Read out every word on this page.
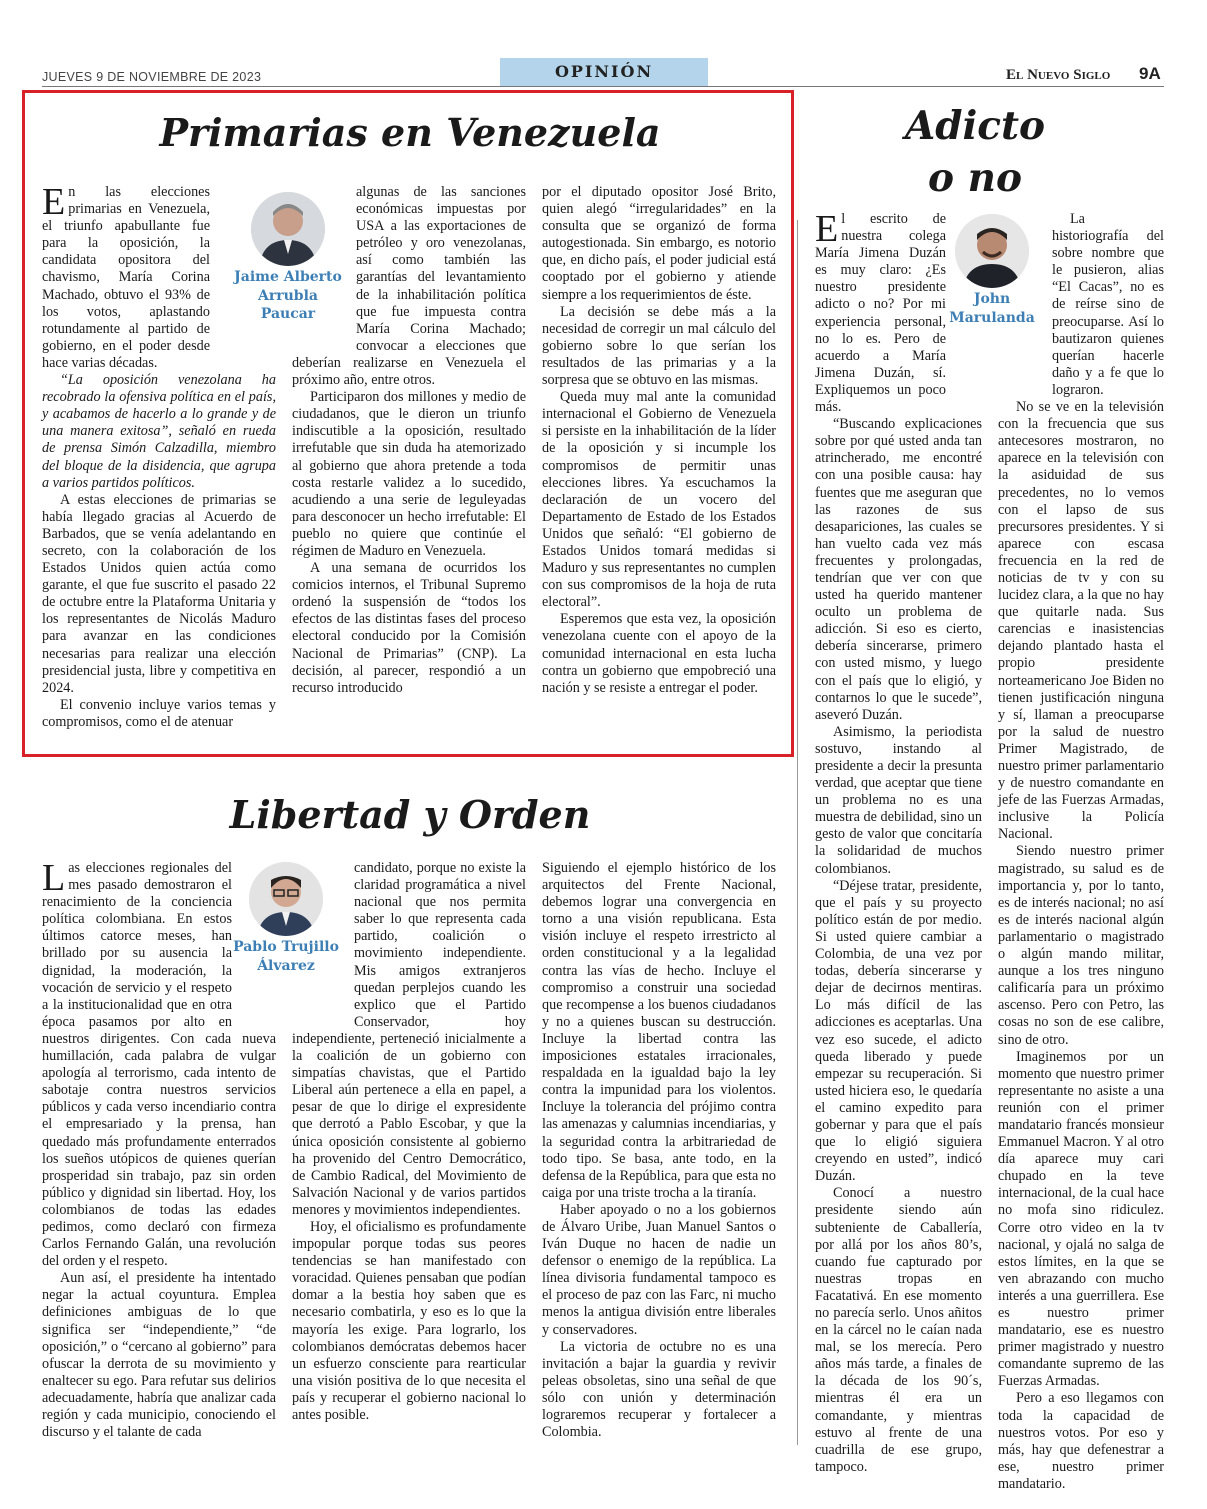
JUEVES 9 DE NOVIEMBRE DE 2023	OPINIÓN	El Nuevo Siglo 9A
Primarias en Venezuela
Jaime Alberto
Arrubla
Paucar

En las elecciones primarias en Venezuela, el triunfo apabullante fue para la oposición, la candidata opositora del chavismo, María Corina Machado, obtuvo el 93% de los votos, aplastando rotundamente al partido de gobierno, en el poder desde hace varias décadas.

“La oposición venezolana ha recobrado la ofensiva política en el país, y acabamos de hacerlo a lo grande y de una manera exitosa”, señaló en rueda de prensa Simón Calzadilla, miembro del bloque de la disidencia, que agrupa a varios partidos políticos.

A estas elecciones de primarias se había llegado gracias al Acuerdo de Barbados, que se venía adelantando en secreto, con la colaboración de los Estados Unidos quien actúa como garante, el que fue suscrito el pasado 22 de octubre entre la Plataforma Unitaria y los representantes de Nicolás Maduro para avanzar en las condiciones necesarias para realizar una elección presidencial justa, libre y competitiva en 2024.

El convenio incluye varios temas y compromisos, como el de atenuar

algunas de las sanciones económicas impuestas por USA a las exportaciones de petróleo y oro venezolanas, así como también las garantías del levantamiento de la inhabilitación política que fue impuesta contra María Corina Machado; convocar a elecciones que deberían realizarse en Venezuela el próximo año, entre otros.

Participaron dos millones y medio de ciudadanos, que le dieron un triunfo indiscutible a la oposición, resultado irrefutable que sin duda ha atemorizado al gobierno que ahora pretende a toda costa restarle validez a lo sucedido, acudiendo a una serie de leguleyadas para desconocer un hecho irrefutable: El pueblo no quiere que continúe el régimen de Maduro en Venezuela.

A una semana de ocurridos los comicios internos, el Tribunal Supremo ordenó la suspensión de “todos los efectos de las distintas fases del proceso electoral conducido por la Comisión Nacional de Primarias” (CNP). La decisión, al parecer, respondió a un recurso introducido

por el diputado opositor José Brito, quien alegó “irregularidades” en la consulta que se organizó de forma autogestionada. Sin embargo, es notorio que, en dicho país, el poder judicial está cooptado por el gobierno y atiende siempre a los requerimientos de éste.

La decisión se debe más a la necesidad de corregir un mal cálculo del gobierno sobre lo que serían los resultados de las primarias y a la sorpresa que se obtuvo en las mismas.

Queda muy mal ante la comunidad internacional el Gobierno de Venezuela si persiste en la inhabilitación de la líder de la oposición y si incumple los compromisos de permitir unas elecciones libres. Ya escuchamos la declaración de un vocero del Departamento de Estado de los Estados Unidos que señaló: “El gobierno de Estados Unidos tomará medidas si Maduro y sus representantes no cumplen con sus compromisos de la hoja de ruta electoral”.

Esperemos que esta vez, la oposición venezolana cuente con el apoyo de la comunidad internacional en esta lucha contra un gobierno que empobreció una nación y se resiste a entregar el poder.

Libertad y Orden
Pablo Trujillo
Álvarez

Las elecciones regionales del mes pasado demostraron el renacimiento de la conciencia política colombiana. En estos últimos catorce meses, han brillado por su ausencia la dignidad, la moderación, la vocación de servicio y el respeto a la institucionalidad que en otra época pasamos por alto en nuestros dirigentes. Con cada nueva humillación, cada palabra de vulgar apología al terrorismo, cada intento de sabotaje contra nuestros servicios públicos y cada verso incendiario contra el empresariado y la prensa, han quedado más profundamente enterrados los sueños utópicos de quienes querían prosperidad sin trabajo, paz sin orden público y dignidad sin libertad. Hoy, los colombianos de todas las edades pedimos, como declaró con firmeza Carlos Fernando Galán, una revolución del orden y el respeto.

Aun así, el presidente ha intentado negar la actual coyuntura. Emplea definiciones ambiguas de lo que significa ser “independiente,” “de oposición,” o “cercano al gobierno” para ofuscar la derrota de su movimiento y enaltecer su ego. Para refutar sus delirios adecuadamente, habría que analizar cada región y cada municipio, conociendo el discurso y el talante de cada

candidato, porque no existe la claridad programática a nivel nacional que nos permita saber lo que representa cada partido, coalición o movimiento independiente. Mis amigos extranjeros quedan perplejos cuando les explico que el Partido Conservador, hoy independiente, perteneció inicialmente a la coalición de un gobierno con simpatías chavistas, que el Partido Liberal aún pertenece a ella en papel, a pesar de que lo dirige el expresidente que derrotó a Pablo Escobar, y que la única oposición consistente al gobierno ha provenido del Centro Democrático, de Cambio Radical, del Movimiento de Salvación Nacional y de varios partidos menores y movimientos independientes.

Hoy, el oficialismo es profundamente impopular porque todas sus peores tendencias se han manifestado con voracidad. Quienes pensaban que podían domar a la bestia hoy saben que es necesario combatirla, y eso es lo que la mayoría les exige. Para lograrlo, los colombianos demócratas debemos hacer un esfuerzo consciente para rearticular una visión positiva de lo que necesita el país y recuperar el gobierno nacional lo antes posible.

Siguiendo el ejemplo histórico de los arquitectos del Frente Nacional, debemos lograr una convergencia en torno a una visión republicana. Esta visión incluye el respeto irrestricto al orden constitucional y a la legalidad contra las vías de hecho. Incluye el compromiso a construir una sociedad que recompense a los buenos ciudadanos y no a quienes buscan su destrucción. Incluye la libertad contra las imposiciones estatales irracionales, respaldada en la igualdad bajo la ley contra la impunidad para los violentos. Incluye la tolerancia del prójimo contra las amenazas y calumnias incendiarias, y la seguridad contra la arbitrariedad de todo tipo. Se basa, ante todo, en la defensa de la República, para que esta no caiga por una triste trocha a la tiranía.

Haber apoyado o no a los gobiernos de Álvaro Uribe, Juan Manuel Santos o Iván Duque no hacen de nadie un defensor o enemigo de la república. La línea divisoria fundamental tampoco es el proceso de paz con las Farc, ni mucho menos la antigua división entre liberales y conservadores.

La victoria de octubre no es una invitación a bajar la guardia y revivir peleas obsoletas, sino una señal de que sólo con unión y determinación lograremos recuperar y fortalecer a Colombia.

Adicto
o no
John
Marulanda

El escrito de nuestra colega María Jimena Duzán es muy claro: ¿Es nuestro presidente adicto o no? Por mi experiencia personal, no lo es. Pero de acuerdo a María Jimena Duzán, sí. Expliquemos un poco más.

“Buscando explicaciones sobre por qué usted anda tan atrincherado, me encontré con una posible causa: hay fuentes que me aseguran que las razones de sus desapariciones, las cuales se han vuelto cada vez más frecuentes y prolongadas, tendrían que ver con que usted ha querido mantener oculto un problema de adicción. Si eso es cierto, debería sincerarse, primero con usted mismo, y luego con el país que lo eligió, y contarnos lo que le sucede”, aseveró Duzán.

Asimismo, la periodista sostuvo, instando al presidente a decir la presunta verdad, que aceptar que tiene un problema no es una muestra de debilidad, sino un gesto de valor que concitaría la solidaridad de muchos colombianos.

“Déjese tratar, presidente, que el país y su proyecto político están de por medio. Si usted quiere cambiar a Colombia, de una vez por todas, debería sincerarse y dejar de decirnos mentiras. Lo más difícil de las adicciones es aceptarlas. Una vez eso sucede, el adicto queda liberado y puede empezar su recuperación. Si usted hiciera eso, le quedaría el camino expedito para gobernar y para que el país que lo eligió siguiera creyendo en usted”, indicó Duzán.

Conocí a nuestro presidente siendo aún subteniente de Caballería, por allá por los años 80’s, cuando fue capturado por nuestras tropas en Facatativá. En ese momento no parecía serlo. Unos añitos en la cárcel no le caían nada mal, se los merecía. Pero años más tarde, a finales de la década de los 90´s, mientras él era un comandante, y mientras estuvo al frente de una cuadrilla de ese grupo, tampoco.

La historiografía del sobre nombre que le pusieron, alias “El Cacas”, no es de reírse sino de preocuparse. Así lo bautizaron quienes querían hacerle daño y a fe que lo lograron.

No se ve en la televisión con la frecuencia que sus antecesores mostraron, no aparece en la televisión con la asiduidad de sus precedentes, no lo vemos con el lapso de sus precursores presidentes. Y si aparece con escasa frecuencia en la red de noticias de tv y con su lucidez clara, a la que no hay que quitarle nada. Sus carencias e inasistencias dejando plantado hasta el propio presidente norteamericano Joe Biden no tienen justificación ninguna y sí, llaman a preocuparse por la salud de nuestro Primer Magistrado, de nuestro primer parlamentario y de nuestro comandante en jefe de las Fuerzas Armadas, inclusive la Policía Nacional.

Siendo nuestro primer magistrado, su salud es de importancia y, por lo tanto, es de interés nacional; no así es de interés nacional algún parlamentario o magistrado o algún mando militar, aunque a los tres ninguno calificaría para un próximo ascenso. Pero con Petro, las cosas no son de ese calibre, sino de otro.

Imaginemos por un momento que nuestro primer representante no asiste a una reunión con el primer mandatario francés monsieur Emmanuel Macron. Y al otro día aparece muy cari chupado en la teve internacional, de la cual hace no mofa sino ridiculez. Corre otro video en la tv nacional, y ojalá no salga de estos límites, en la que se ven abrazando con mucho interés a una guerrillera. Ese es nuestro primer mandatario, ese es nuestro primer magistrado y nuestro comandante supremo de las Fuerzas Armadas.

Pero a eso llegamos con toda la capacidad de nuestros votos. Por eso y más, hay que defenestrar a ese, nuestro primer mandatario.
